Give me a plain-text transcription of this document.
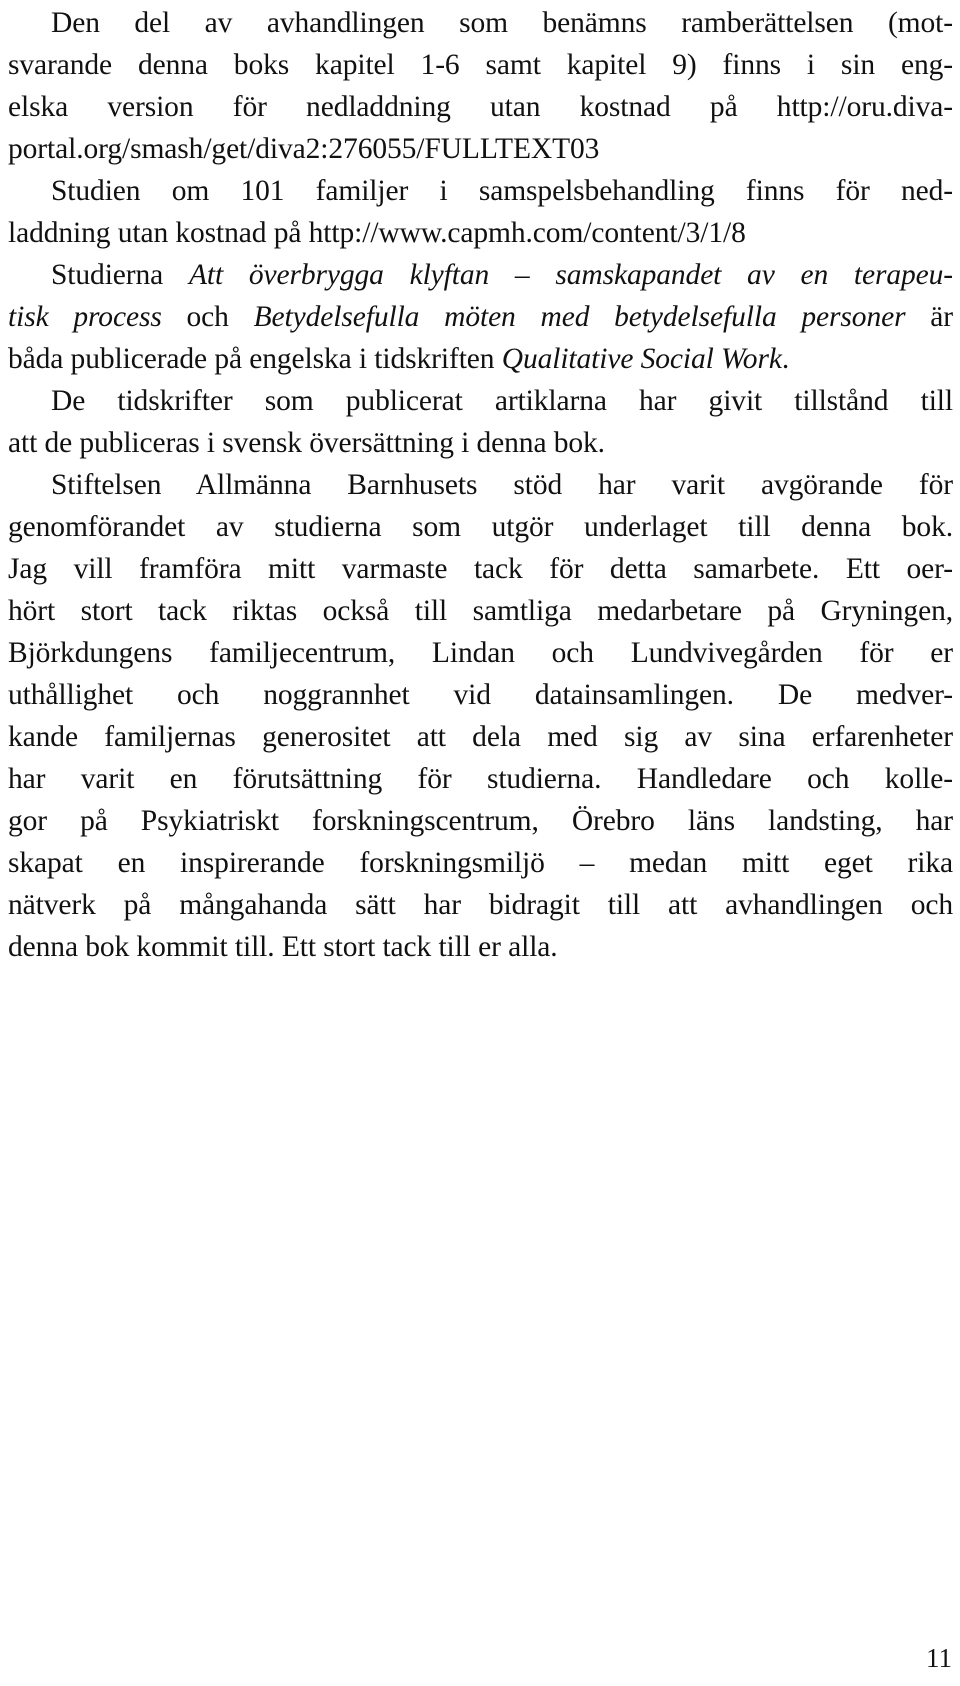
Den del av avhandlingen som benämns ramberättelsen (mot-
svarande denna boks kapitel 1-6 samt kapitel 9) finns i sin eng-
elska version för nedladdning utan kostnad på http://oru.diva-
portal.org/smash/get/diva2:276055/FULLTEXT03
Studien om 101 familjer i samspelsbehandling finns för ned-
laddning utan kostnad på http://www.capmh.com/content/3/1/8
Studierna Att överbrygga klyftan – samskapandet av en terapeu-
tisk process och Betydelsefulla möten med betydelsefulla personer är
båda publicerade på engelska i tidskriften Qualitative Social Work.
De tidskrifter som publicerat artiklarna har givit tillstånd till
att de publiceras i svensk översättning i denna bok.
Stiftelsen Allmänna Barnhusets stöd har varit avgörande för
genomförandet av studierna som utgör underlaget till denna bok.
Jag vill framföra mitt varmaste tack för detta samarbete. Ett oer-
hört stort tack riktas också till samtliga medarbetare på Gryningen,
Björkdungens familjecentrum, Lindan och Lundvivegården för er
uthållighet och noggrannhet vid datainsamlingen. De medver-
kande familjernas generositet att dela med sig av sina erfarenheter
har varit en förutsättning för studierna. Handledare och kolle-
gor på Psykiatriskt forskningscentrum, Örebro läns landsting, har
skapat en inspirerande forskningsmiljö – medan mitt eget rika
nätverk på mångahanda sätt har bidragit till att avhandlingen och
denna bok kommit till. Ett stort tack till er alla.
11
